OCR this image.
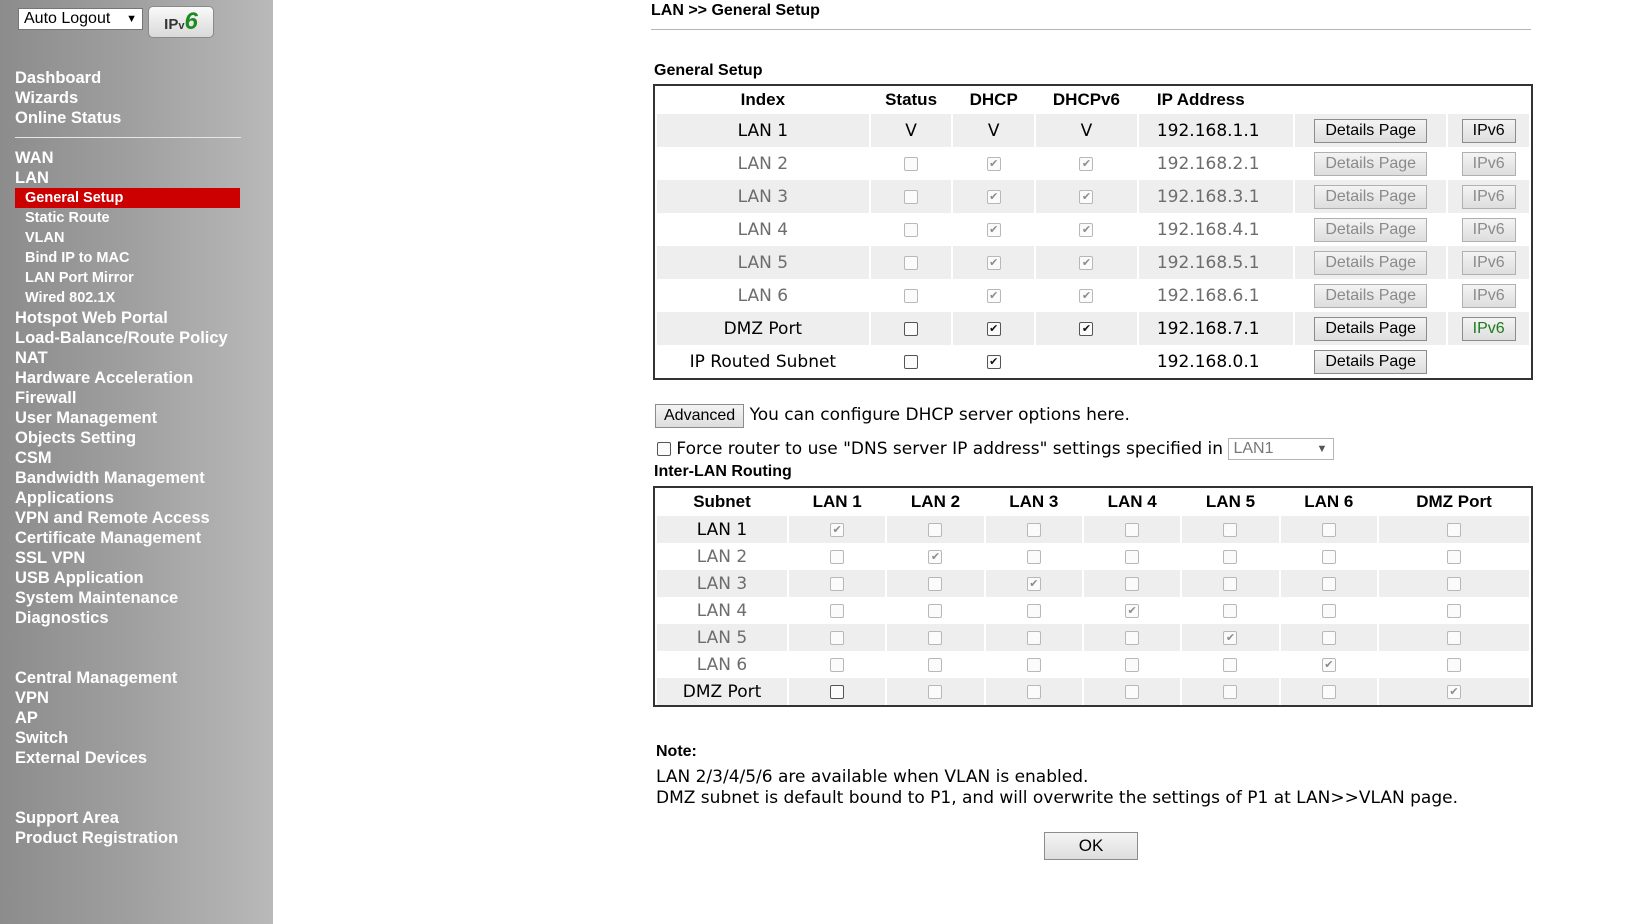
Auto Logout ▼	IPv6
Dashboard
Wizards
Online Status
WAN
LAN
General Setup
Static Route
VLAN
Bind IP to MAC
LAN Port Mirror
Wired 802.1X
Hotspot Web Portal
Load-Balance/Route Policy
NAT
Hardware Acceleration
Firewall
User Management
Objects Setting
CSM
Bandwidth Management
Applications
VPN and Remote Access
Certificate Management
SSL VPN
USB Application
System Maintenance
Diagnostics
Central Management
VPN
AP
Switch
External Devices
Support Area
Product Registration
LAN >> General Setup
General Setup
Index	Status	DHCP	DHCPv6	IP Address		
LAN 1	V	V	V	192.168.1.1	Details Page	IPv6
LAN 2		✔	✔	192.168.2.1	Details Page	IPv6
LAN 3		✔	✔	192.168.3.1	Details Page	IPv6
LAN 4		✔	✔	192.168.4.1	Details Page	IPv6
LAN 5		✔	✔	192.168.5.1	Details Page	IPv6
LAN 6		✔	✔	192.168.6.1	Details Page	IPv6
DMZ Port		✔	✔	192.168.7.1	Details Page	IPv6
IP Routed Subnet		✔		192.168.0.1	Details Page	
Advanced You can configure DHCP server options here.
Force router to use "DNS server IP address" settings specified in LAN1	▼
Inter-LAN Routing
Subnet	LAN 1	LAN 2	LAN 3	LAN 4	LAN 5	LAN 6	DMZ Port
LAN 1	✔						
LAN 2		✔					
LAN 3			✔				
LAN 4				✔			
LAN 5					✔		
LAN 6						✔	
DMZ Port							✔
Note:
LAN 2/3/4/5/6 are available when VLAN is enabled.
DMZ subnet is default bound to P1, and will overwrite the settings of P1 at LAN>>VLAN page.
OK
